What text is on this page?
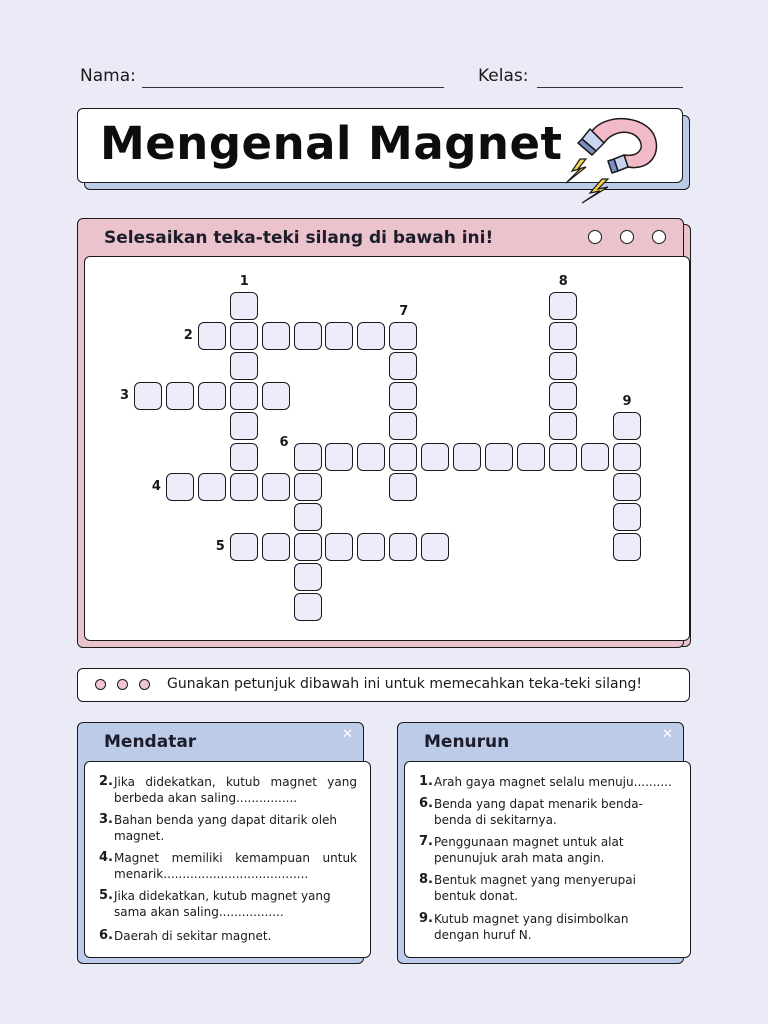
Nama:	Kelas:
Mengenal Magnet
Selesaikan teka-teki silang di bawah ini!
1
2
3
4
5
6
7
8
9
Gunakan petunjuk dibawah ini untuk memecahkan teka-teki silang!
Mendatar	✕
2. Jika didekatkan, kutub magnet yang berbeda akan saling................
3. Bahan benda yang dapat ditarik oleh magnet.
4. Magnet memiliki kemampuan untuk menarik......................................
5. Jika didekatkan, kutub magnet yang sama akan saling.................
6. Daerah di sekitar magnet.
Menurun	✕
1. Arah gaya magnet selalu menuju..........
6. Benda yang dapat menarik benda-benda di sekitarnya.
7. Penggunaan magnet untuk alat penunujuk arah mata angin.
8. Bentuk magnet yang menyerupai bentuk donat.
9. Kutub magnet yang disimbolkan dengan huruf N.
